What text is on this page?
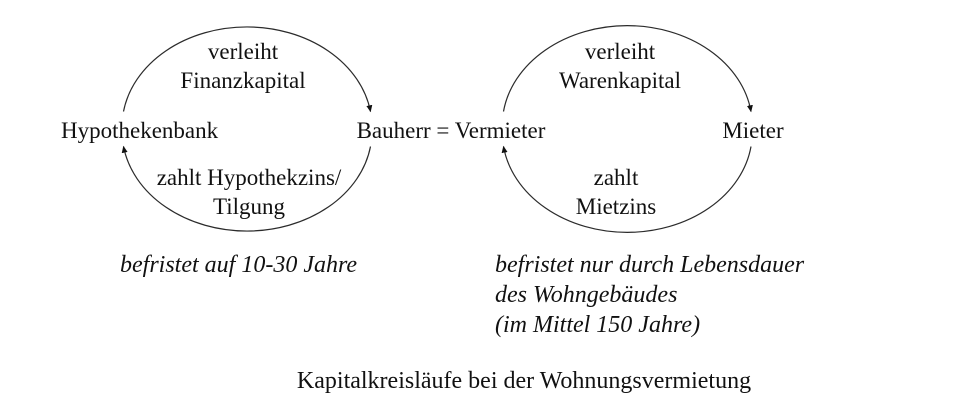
Hypothekenbank	Bauherr = Vermieter	Mieter
verleiht
Finanzkapital
zahlt Hypothekzins/
Tilgung
verleiht
Warenkapital
zahlt
Mietzins
befristet auf 10-30 Jahre	befristet nur durch Lebensdauer
des Wohngebäudes
(im Mittel 150 Jahre)
Kapitalkreisläufe bei der Wohnungsvermietung
